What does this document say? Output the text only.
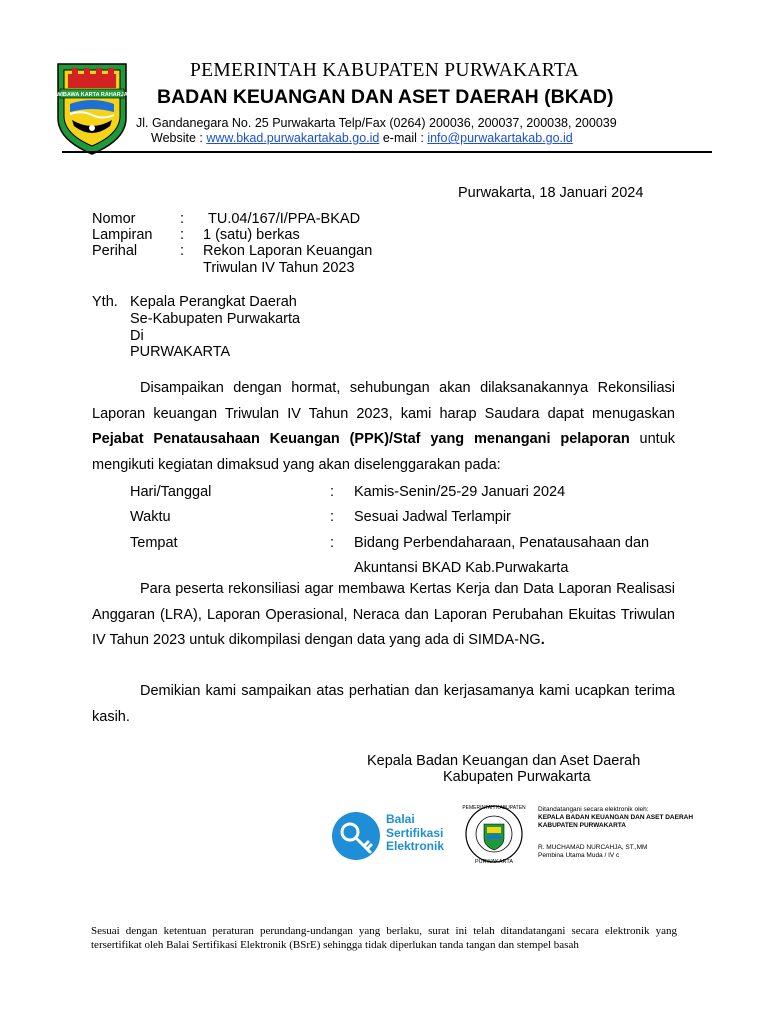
WIBAWA KARTA RAHARJA
PEMERINTAH KABUPATEN PURWAKARTA
BADAN KEUANGAN DAN ASET DAERAH (BKAD)
Jl. Gandanegara No. 25 Purwakarta Telp/Fax (0264) 200036, 200037, 200038, 200039
Website : www.bkad.purwakartakab.go.id e-mail : info@purwakartakab.go.id
Purwakarta, 18 Januari 2024
Nomor	: TU.04/167/I/PPA-BKAD
Lampiran : 1 (satu) berkas
Perihal	: Rekon Laporan Keuangan
Triwulan IV Tahun 2023
Yth. Kepala Perangkat Daerah
Se-Kabupaten Purwakarta
Di
PURWAKARTA
Disampaikan dengan hormat, sehubungan akan dilaksanakannya Rekonsiliasi Laporan keuangan Triwulan IV Tahun 2023, kami harap Saudara dapat menugaskan Pejabat Penatausahaan Keuangan (PPK)/Staf yang menangani pelaporan untuk mengikuti kegiatan dimaksud yang akan diselenggarakan pada:
Hari/Tanggal	: Kamis-Senin/25-29 Januari 2024
Waktu	: Sesuai Jadwal Terlampir
Tempat	: Bidang Perbendaharaan, Penatausahaan dan
Akuntansi BKAD Kab.Purwakarta
Para peserta rekonsiliasi agar membawa Kertas Kerja dan Data Laporan Realisasi Anggaran (LRA), Laporan Operasional, Neraca dan Laporan Perubahan Ekuitas Triwulan IV Tahun 2023 untuk dikompilasi dengan data yang ada di SIMDA-NG.
Demikian kami sampaikan atas perhatian dan kerjasamanya kami ucapkan terima kasih.
Kepala Badan Keuangan dan Aset Daerah
Kabupaten Purwakarta
Balai
Sertifikasi
Elektronik
PEMERINTAH KABUPATEN
PURWAKARTA
Ditandatangani secara elektronik oleh:
KEPALA BADAN KEUANGAN DAN ASET DAERAH
KABUPATEN PURWAKARTA
R. MUCHAMAD NURCAHJA, ST.,MM
Pembina Utama Muda / IV c
Sesuai dengan ketentuan peraturan perundang-undangan yang berlaku, surat ini telah ditandatangani secara elektronik yang tersertifikat oleh Balai Sertifikasi Elektronik (BSrE) sehingga tidak diperlukan tanda tangan dan stempel basah
